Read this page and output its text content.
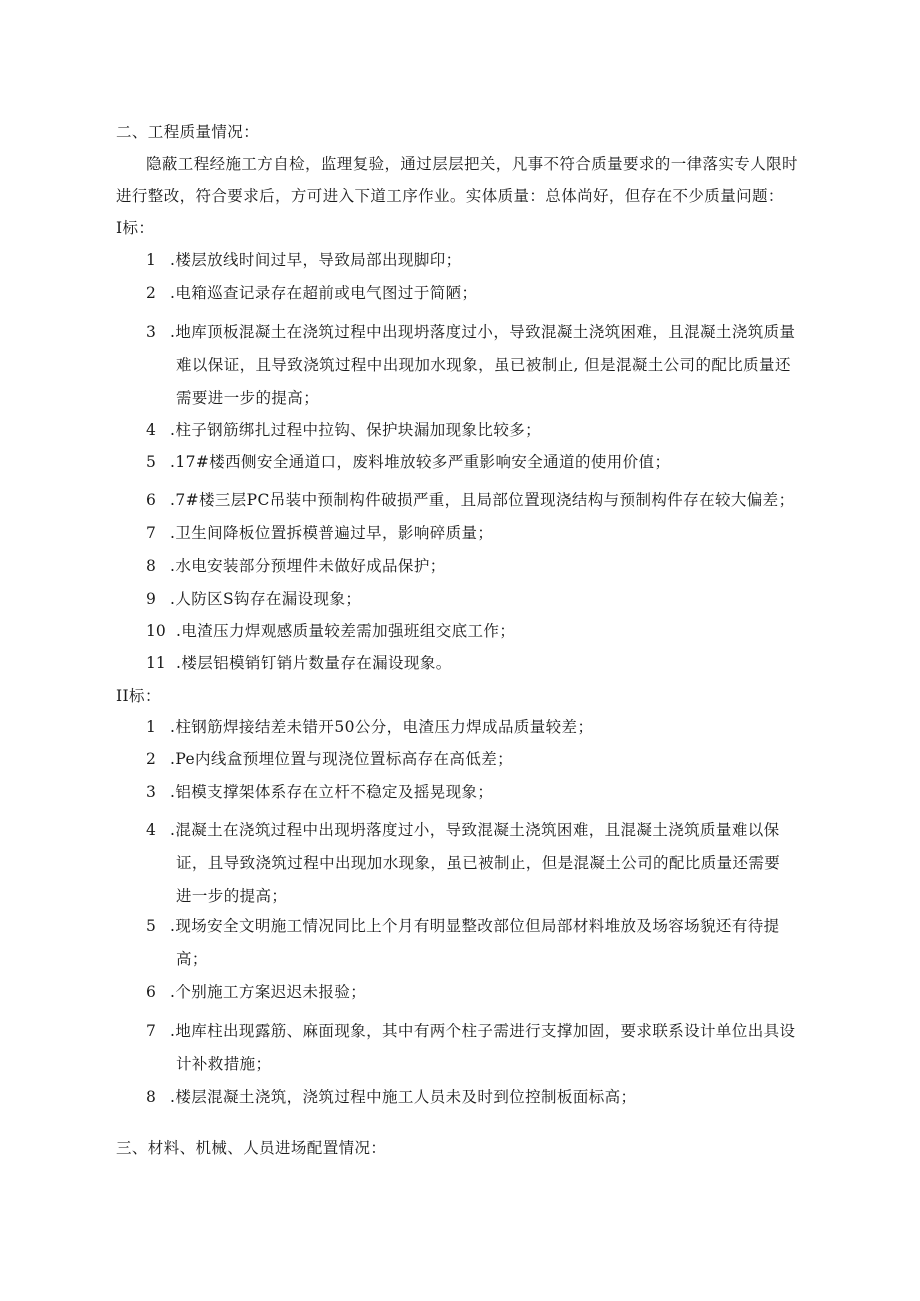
二、工程质量情况：

隐蔽工程经施工方自检，监理复验，通过层层把关，凡事不符合质量要求的一律落实专人限时

进行整改，符合要求后，方可进入下道工序作业。实体质量：总体尚好，但存在不少质量问题：

I标：

1 .楼层放线时间过早，导致局部出现脚印；

2 .电箱巡查记录存在超前或电气图过于简陋；

3 .地库顶板混凝土在浇筑过程中出现坍落度过小，导致混凝土浇筑困难，且混凝土浇筑质量
难以保证，且导致浇筑过程中出现加水现象，虽已被制止, 但是混凝土公司的配比质量还
需要进一步的提高；

4 .柱子钢筋绑扎过程中拉钩、保护块漏加现象比较多；

5 .17#楼西侧安全通道口，废料堆放较多严重影响安全通道的使用价值；

6 .7#楼三层PC吊装中预制构件破损严重，且局部位置现浇结构与预制构件存在较大偏差；

7 .卫生间降板位置拆模普遍过早，影响碎质量；

8 .水电安装部分预埋件未做好成品保护；

9 .人防区S钩存在漏设现象；

10 .电渣压力焊观感质量较差需加强班组交底工作；

11 .楼层铝模销钉销片数量存在漏设现象。

II标：

1 .柱钢筋焊接结差未错开50公分，电渣压力焊成品质量较差；

2 .Pe内线盒预埋位置与现浇位置标高存在高低差；

3 .铝模支撑架体系存在立杆不稳定及摇晃现象；

4 .混凝土在浇筑过程中出现坍落度过小，导致混凝土浇筑困难，且混凝土浇筑质量难以保
证，且导致浇筑过程中出现加水现象，虽已被制止，但是混凝土公司的配比质量还需要
进一步的提高；

5 .现场安全文明施工情况同比上个月有明显整改部位但局部材料堆放及场容场貌还有待提
高；

6 .个别施工方案迟迟未报验；

7 .地库柱出现露筋、麻面现象，其中有两个柱子需进行支撑加固，要求联系设计单位出具设
计补救措施；

8 .楼层混凝土浇筑，浇筑过程中施工人员未及时到位控制板面标高；

三、材料、机械、人员进场配置情况：
